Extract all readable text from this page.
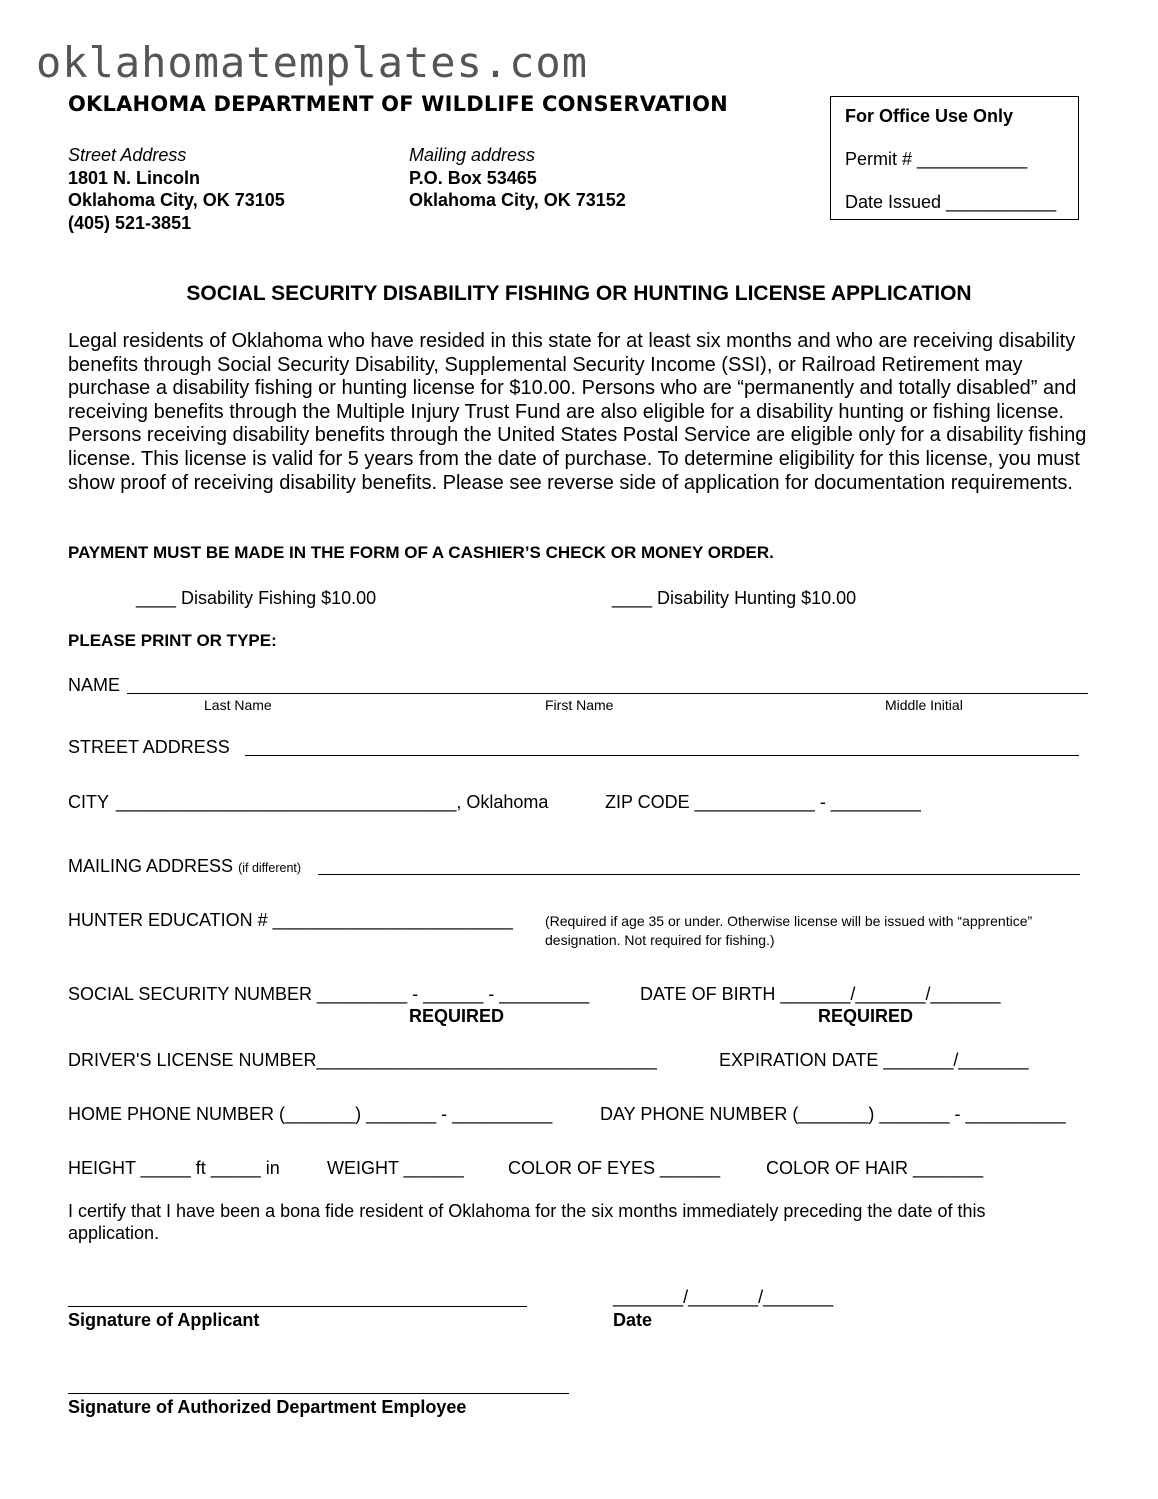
oklahomatemplates.com
OKLAHOMA DEPARTMENT OF WILDLIFE CONSERVATION
Street Address
1801 N. Lincoln
Oklahoma City, OK 73105
(405) 521-3851
Mailing address
P.O. Box 53465
Oklahoma City, OK 73152
For Office Use Only
Permit # ___________
Date Issued ___________
SOCIAL SECURITY DISABILITY FISHING OR HUNTING LICENSE APPLICATION
Legal residents of Oklahoma who have resided in this state for at least six months and who are receiving disability benefits through Social Security Disability, Supplemental Security Income (SSI), or Railroad Retirement may purchase a disability fishing or hunting license for $10.00. Persons who are “permanently and totally disabled” and receiving benefits through the Multiple Injury Trust Fund are also eligible for a disability hunting or fishing license. Persons receiving disability benefits through the United States Postal Service are eligible only for a disability fishing license. This license is valid for 5 years from the date of purchase. To determine eligibility for this license, you must show proof of receiving disability benefits. Please see reverse side of application for documentation requirements.
PAYMENT MUST BE MADE IN THE FORM OF A CASHIER’S CHECK OR MONEY ORDER.
____ Disability Fishing $10.00	____ Disability Hunting $10.00
PLEASE PRINT OR TYPE:
NAME
Last Name	First Name	Middle Initial
STREET ADDRESS
CITY __________________________________, Oklahoma	ZIP CODE ____________ - _________
MAILING ADDRESS (if different)
HUNTER EDUCATION # ________________________ (Required if age 35 or under. Otherwise license will be issued with “apprentice” designation. Not required for fishing.)
SOCIAL SECURITY NUMBER _________ - ______ - _________
REQUIRED
DATE OF BIRTH _______/_______/_______
REQUIRED
DRIVER'S LICENSE NUMBER__________________________________	EXPIRATION DATE _______/_______
HOME PHONE NUMBER (_______) _______ - __________	DAY PHONE NUMBER (_______) _______ - __________
HEIGHT _____ ft _____ in	WEIGHT ______ COLOR OF EYES ______	COLOR OF HAIR _______
I certify that I have been a bona fide resident of Oklahoma for the six months immediately preceding the date of this application.
Signature of Applicant
_______/_______/_______
Date
Signature of Authorized Department Employee
